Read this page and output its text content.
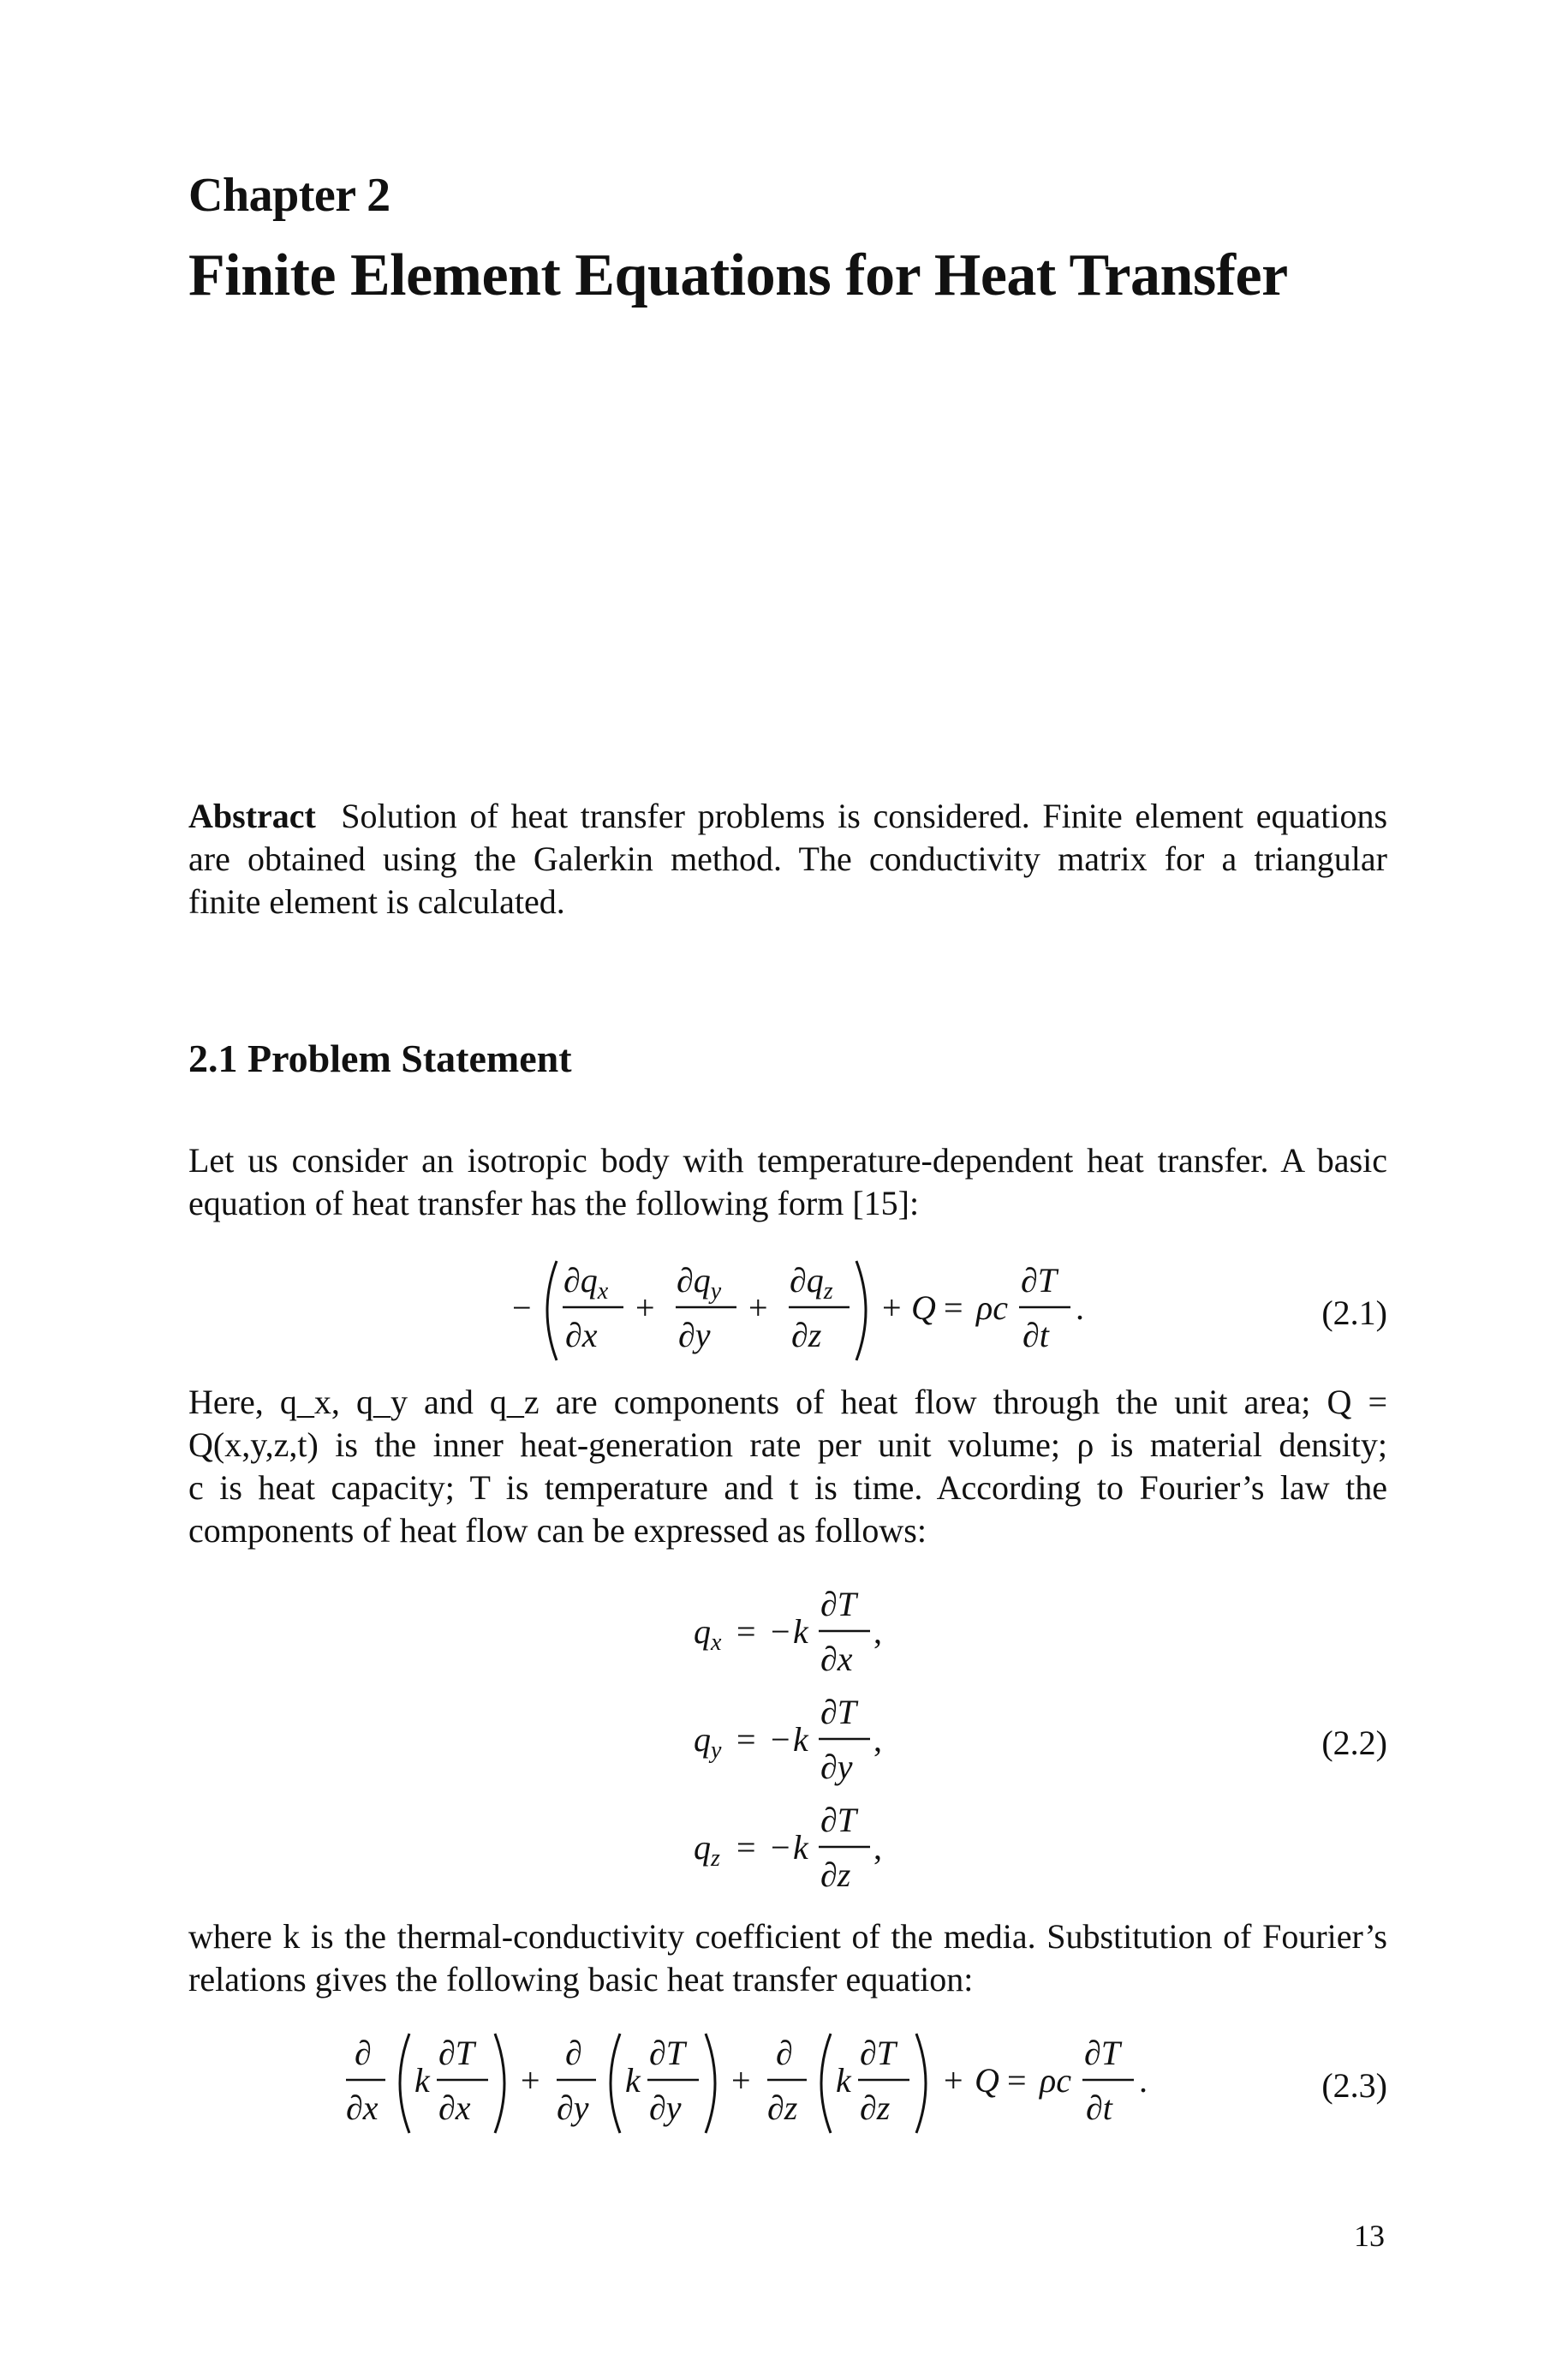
Chapter 2
Finite Element Equations for Heat Transfer
Abstract Solution of heat transfer problems is considered. Finite element equations
are obtained using the Galerkin method. The conductivity matrix for a triangular
finite element is calculated.
2.1 Problem Statement
Let us consider an isotropic body with temperature-dependent heat transfer. A basic
equation of heat transfer has the following form [15]:
−
$\partial q_x$
∂x
+
$\partial q_y$
∂y
+
$\partial q_z$
∂z
+ Q = ρc
∂T
∂t
.	(2.1)
Here, q_x, q_y and q_z are components of heat flow through the unit area; Q =
Q(x,y,z,t) is the inner heat-generation rate per unit volume; ρ is material density;
c is heat capacity; T is temperature and t is time. According to Fourier’s law the
components of heat flow can be expressed as follows:
$q_x$ = − k
∂T
∂x
,
$q_y$ = − k
∂T
∂y
,
$q_z$ = − k
∂T
∂z
,
(2.2)
where k is the thermal-conductivity coefficient of the media. Substitution of Fourier’s
relations gives the following basic heat transfer equation:
∂
∂x
k
∂T
∂x
+
∂
∂y
k
∂T
∂y
+
∂
∂z
k
∂T
∂z
+ Q = ρc
∂T
∂t
.	(2.3)
13
